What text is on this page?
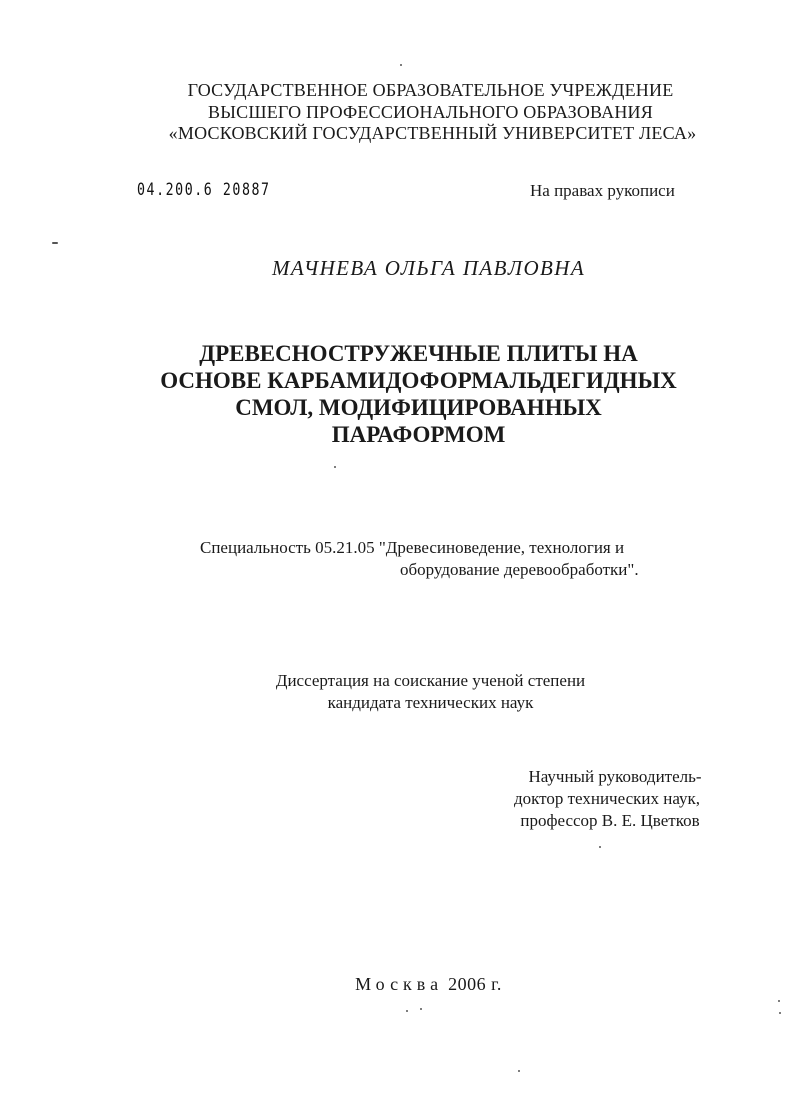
ГОСУДАРСТВЕННОЕ ОБРАЗОВАТЕЛЬНОЕ УЧРЕЖДЕНИЕ
ВЫСШЕГО ПРОФЕССИОНАЛЬНОГО ОБРАЗОВАНИЯ
«МОСКОВСКИЙ ГОСУДАРСТВЕННЫЙ УНИВЕРСИТЕТ ЛЕСА»
04.200.6 20887	На правах рукописи
МАЧНЕВА ОЛЬГА ПАВЛОВНА
ДРЕВЕСНОСТРУЖЕЧНЫЕ ПЛИТЫ НА
ОСНОВЕ КАРБАМИДОФОРМАЛЬДЕГИДНЫХ
СМОЛ, МОДИФИЦИРОВАННЫХ
ПАРАФОРМОМ
Специальность 05.21.05 "Древесиноведение, технология и
оборудование деревообработки".
Диссертация на соискание ученой степени
кандидата технических наук
Научный руководитель-
доктор технических наук,
профессор В. Е. Цветков
Москва 2006 г.
